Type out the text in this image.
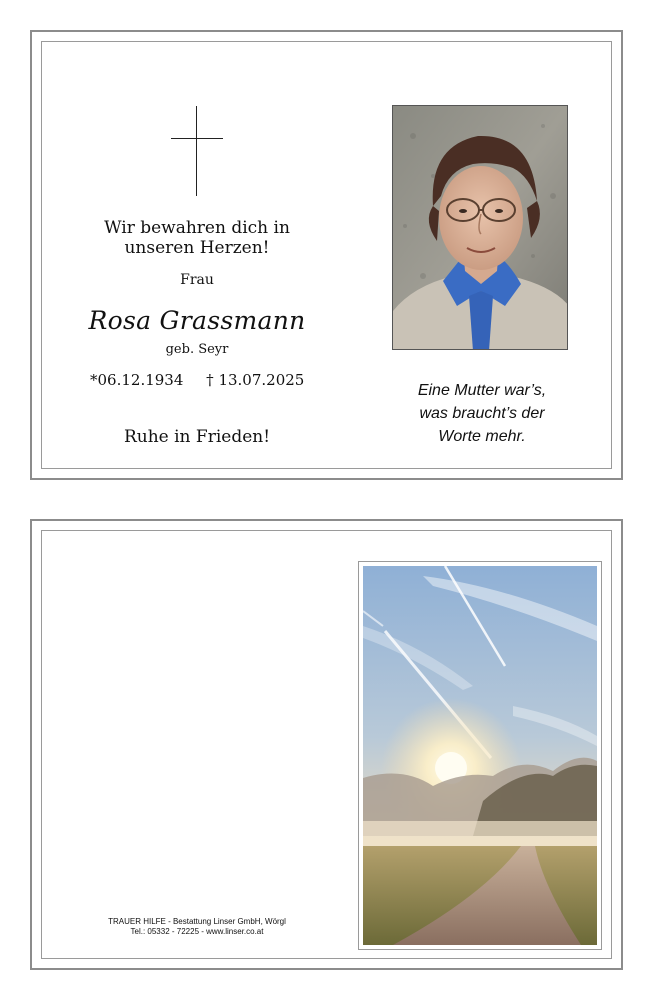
Wir bewahren dich in
unseren Herzen!
Frau
Rosa Grassmann
geb. Seyr
*06.12.1934 † 13.07.2025
Ruhe in Frieden!
Eine Mutter war’s,
was braucht’s der
Worte mehr.
TRAUER HILFE - Bestattung Linser GmbH, Wörgl
Tel.: 05332 - 72225 - www.linser.co.at
